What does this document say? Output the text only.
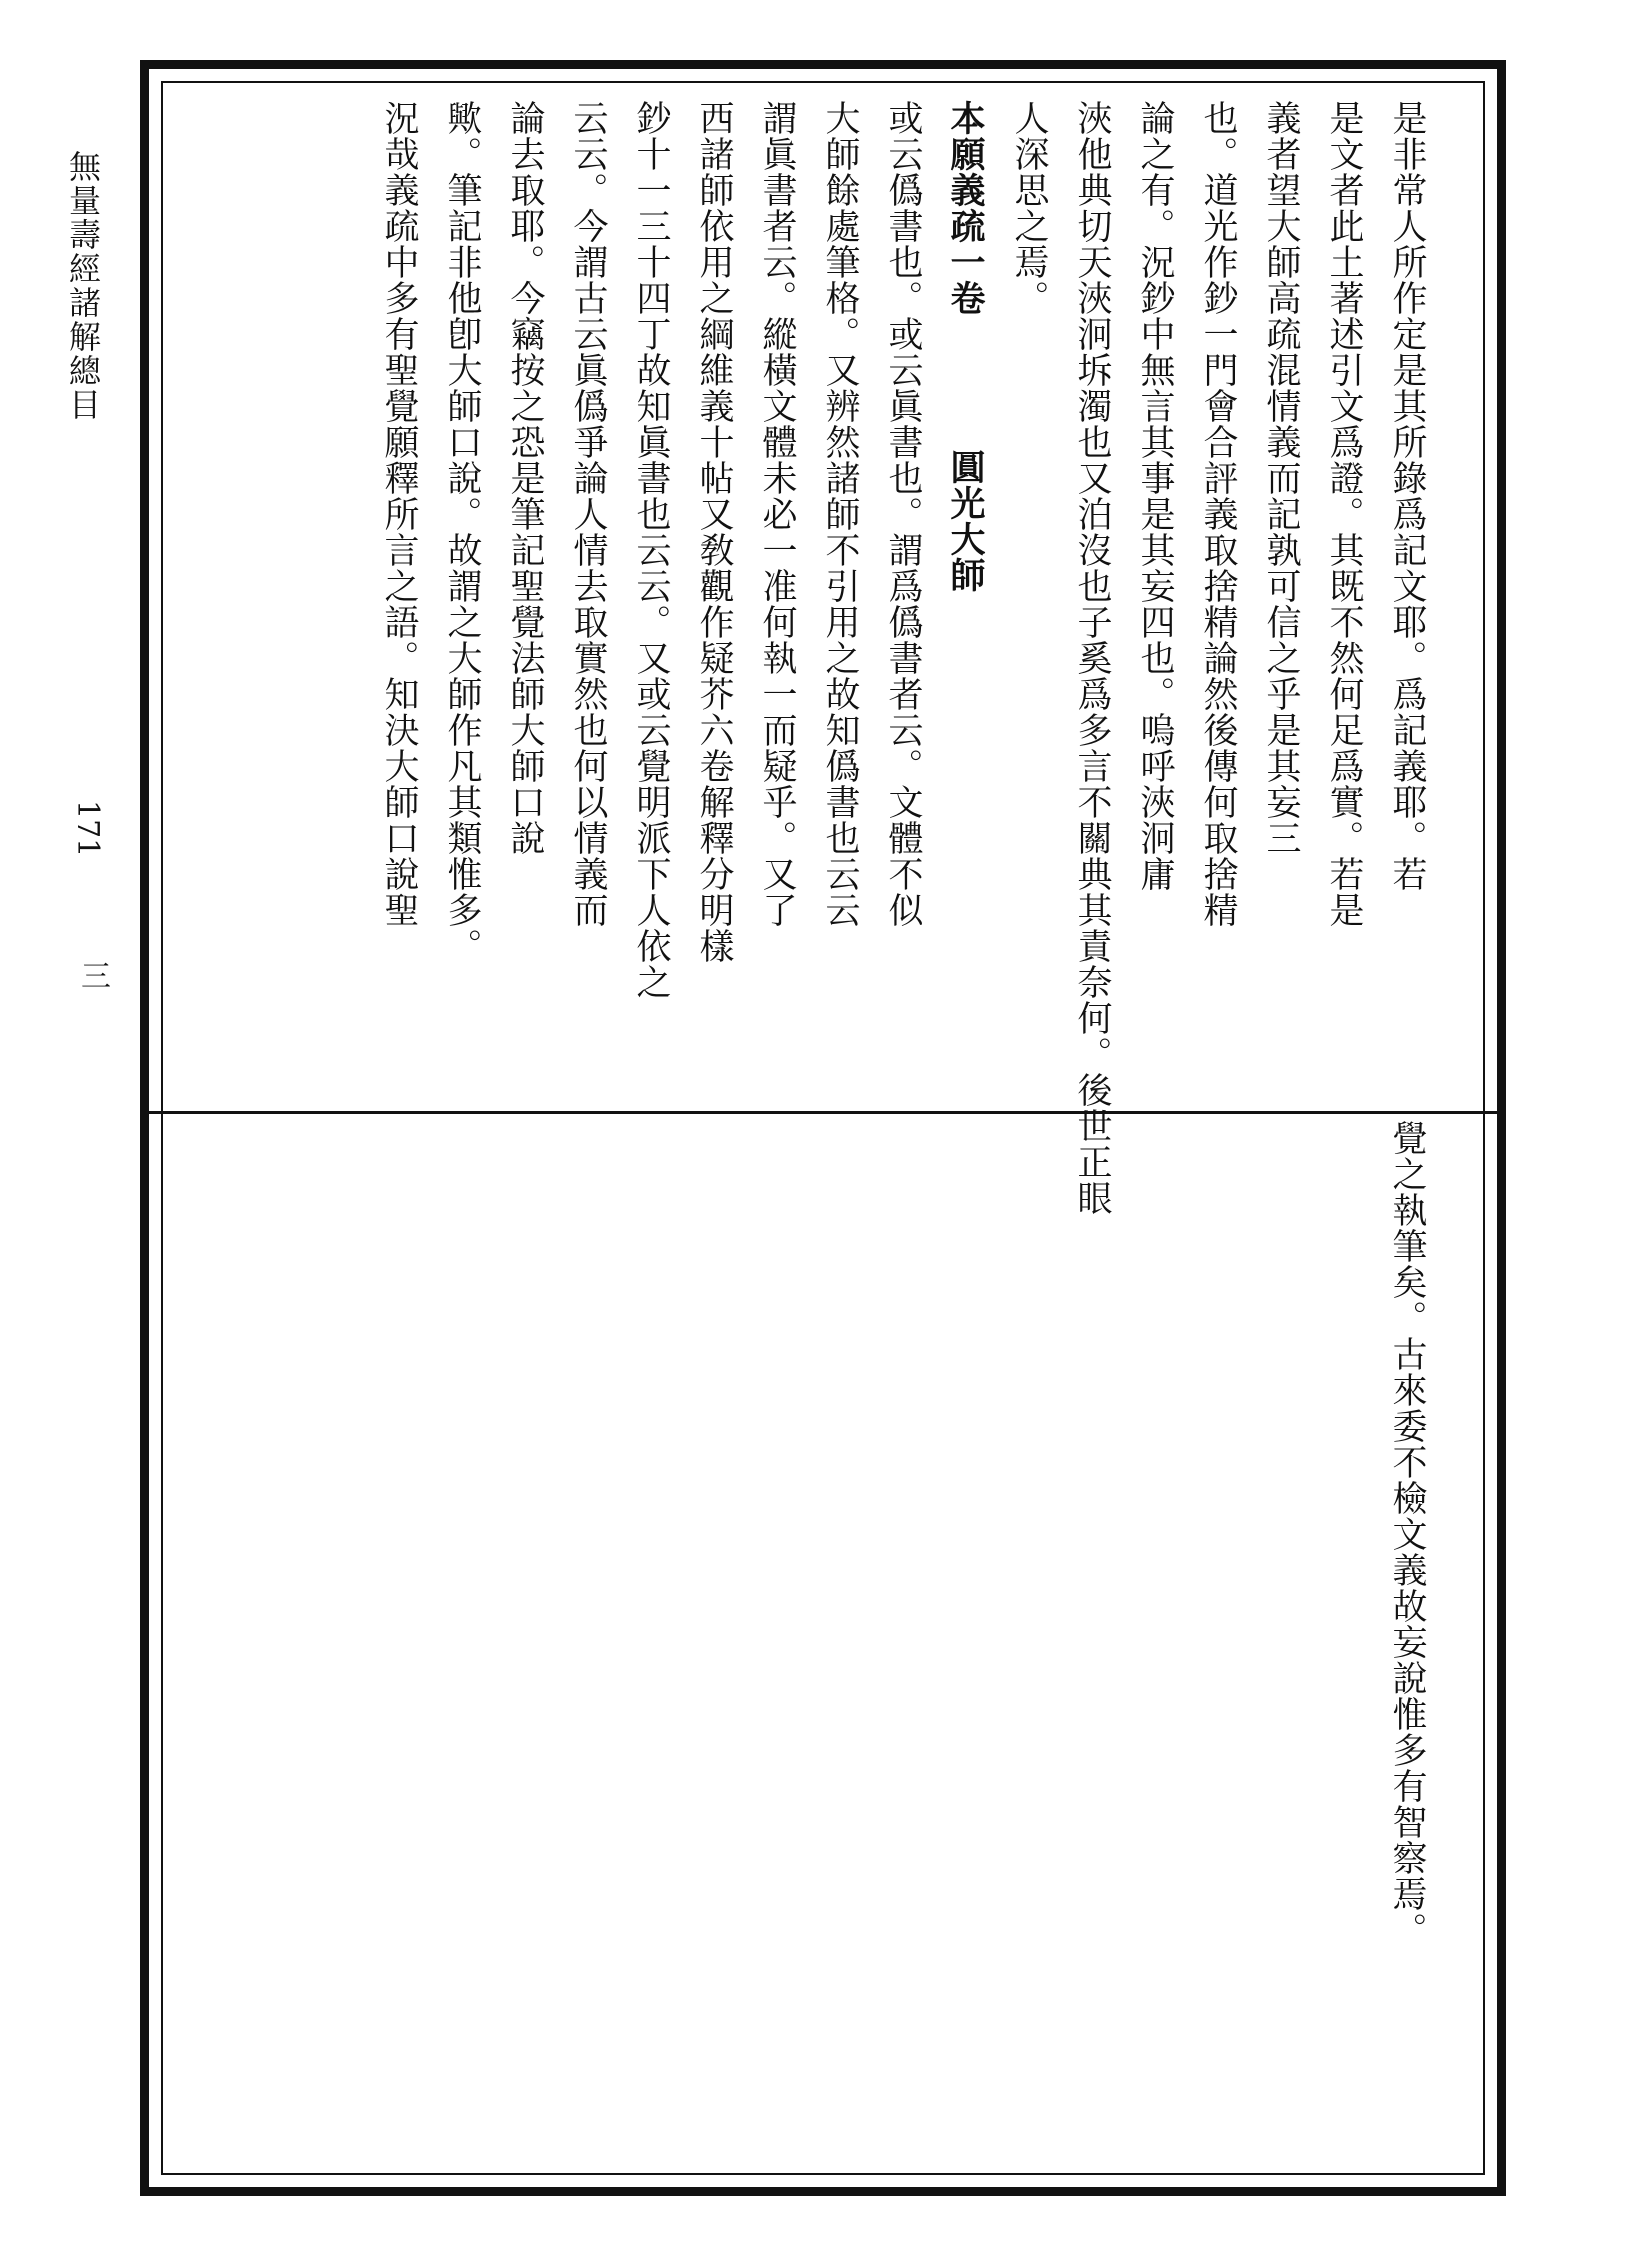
無量壽經諸解總目
171
三
是非常人所作定是其所錄爲記文耶。爲記義耶。若
是文者此土著述引文爲證。其既不然何足爲實。若是
義者望大師高疏混情義而記孰可信之乎是其妄三
也。道光作鈔一門會合評義取捨精論然後傳何取捨精
論之有。況鈔中無言其事是其妄四也。嗚呼浹泂庸
浹他典切天浹泂坼濁也又泊沒也子奚爲多言不關典其責奈何。後世正眼
人深思之焉。
本願義疏一卷 圓光大師
或云僞書也。或云眞書也。謂爲僞書者云。文體不似
大師餘處筆格。又辨然諸師不引用之故知僞書也云云
謂眞書者云。縱橫文體未必一准何執一而疑乎。又了
西諸師依用之綱維義十帖又敎觀作疑芥六卷解釋分明樣
鈔十一三十四丁故知眞書也云云。又或云覺明派下人依之
云云。今謂古云眞僞爭論人情去取實然也何以情義而
論去取耶。今竊按之恐是筆記聖覺法師大師口說
歟。筆記非他卽大師口說。故謂之大師作凡其類惟多。
況哉義疏中多有聖覺願釋所言之語。知決大師口說聖
覺之執筆矣。古來委不檢文義故妄說惟多有智察焉。
